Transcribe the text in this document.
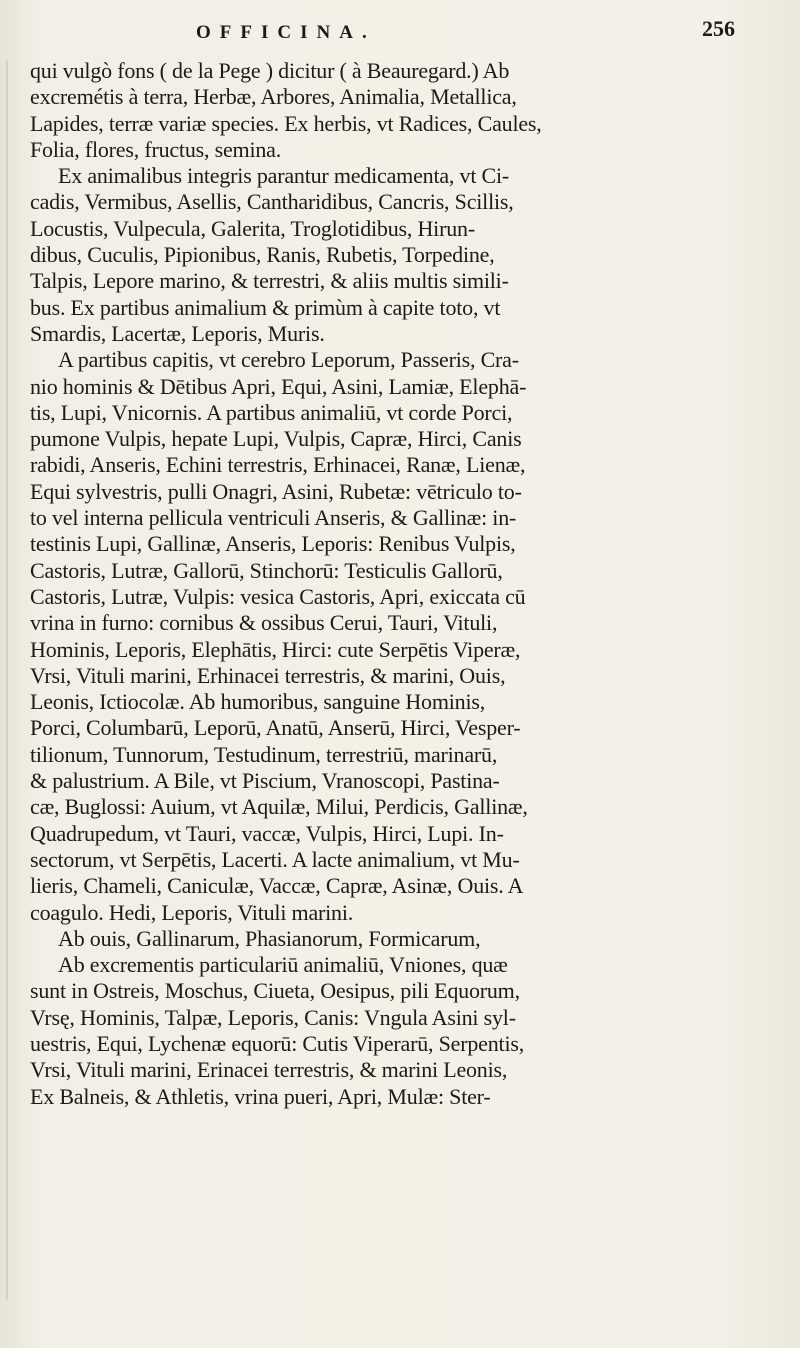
OFFICINA.	256
qui vulgò fons ( de la Pege ) dicitur ( à Beauregard.) Ab
excremétis à terra, Herbæ, Arbores, Animalia, Metallica,
Lapides, terræ variæ species. Ex herbis, vt Radices, Caules,
Folia, flores, fructus, semina.
Ex animalibus integris parantur medicamenta, vt Ci-
cadis, Vermibus, Asellis, Cantharidibus, Cancris, Scillis,
Locustis, Vulpecula, Galerita, Troglotidibus, Hirun-
dibus, Cuculis, Pipionibus, Ranis, Rubetis, Torpedine,
Talpis, Lepore marino, & terrestri, & aliis multis simili-
bus. Ex partibus animalium & primùm à capite toto, vt
Smardis, Lacertæ, Leporis, Muris.
A partibus capitis, vt cerebro Leporum, Passeris, Cra-
nio hominis & Dētibus Apri, Equi, Asini, Lamiæ, Elephā-
tis, Lupi, Vnicornis. A partibus animaliū, vt corde Porci,
pumone Vulpis, hepate Lupi, Vulpis, Capræ, Hirci, Canis
rabidi, Anseris, Echini terrestris, Erhinacei, Ranæ, Lienæ,
Equi sylvestris, pulli Onagri, Asini, Rubetæ: vētriculo to-
to vel interna pellicula ventriculi Anseris, & Gallinæ: in-
testinis Lupi, Gallinæ, Anseris, Leporis: Renibus Vulpis,
Castoris, Lutræ, Gallorū, Stinchorū: Testiculis Gallorū,
Castoris, Lutræ, Vulpis: vesica Castoris, Apri, exiccata cū
vrina in furno: cornibus & ossibus Cerui, Tauri, Vituli,
Hominis, Leporis, Elephātis, Hirci: cute Serpētis Viperæ,
Vrsi, Vituli marini, Erhinacei terrestris, & marini, Ouis,
Leonis, Ictiocolæ. Ab humoribus, sanguine Hominis,
Porci, Columbarū, Leporū, Anatū, Anserū, Hirci, Vesper-
tilionum, Tunnorum, Testudinum, terrestriū, marinarū,
& palustrium. A Bile, vt Piscium, Vranoscopi, Pastina-
cæ, Buglossi: Auium, vt Aquilæ, Milui, Perdicis, Gallinæ,
Quadrupedum, vt Tauri, vaccæ, Vulpis, Hirci, Lupi. In-
sectorum, vt Serpētis, Lacerti. A lacte animalium, vt Mu-
lieris, Chameli, Caniculæ, Vaccæ, Capræ, Asinæ, Ouis. A
coagulo. Hedi, Leporis, Vituli marini.
Ab ouis, Gallinarum, Phasianorum, Formicarum,
Ab excrementis particulariū animaliū, Vniones, quæ
sunt in Ostreis, Moschus, Ciueta, Oesipus, pili Equorum,
Vrsę, Hominis, Talpæ, Leporis, Canis: Vngula Asini syl-
uestris, Equi, Lychenæ equorū: Cutis Viperarū, Serpentis,
Vrsi, Vituli marini, Erinacei terrestris, & marini Leonis,
Ex Balneis, & Athletis, vrina pueri, Apri, Mulæ: Ster-
